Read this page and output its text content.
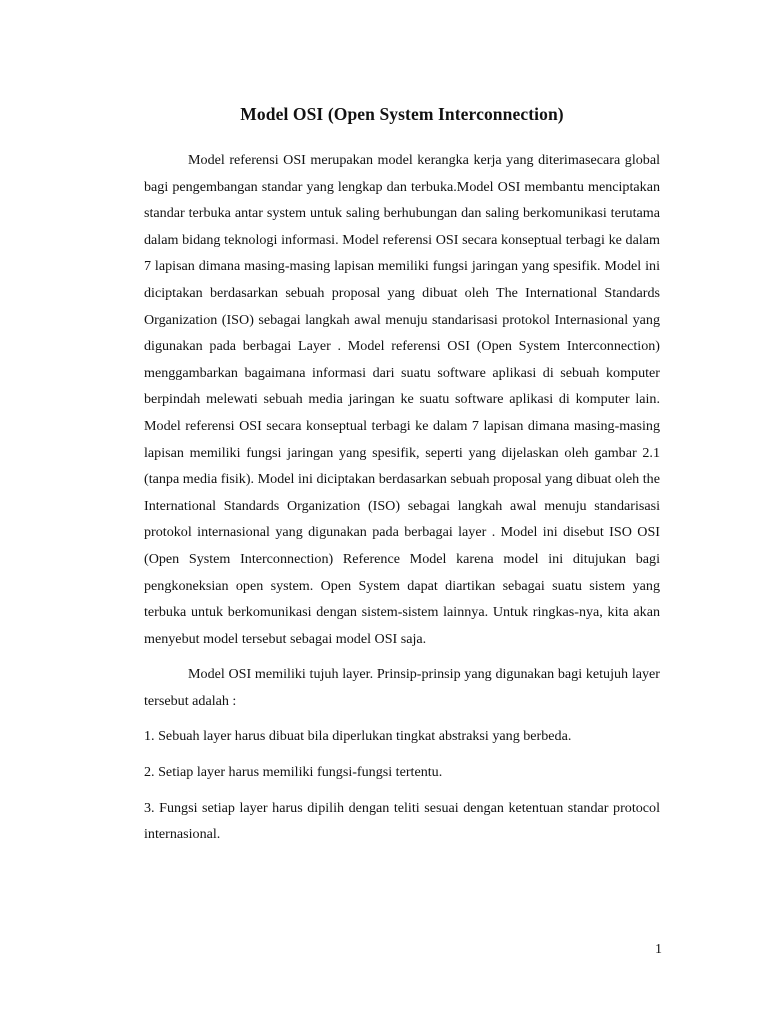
Model OSI (Open System Interconnection)

Model referensi OSI merupakan model kerangka kerja yang diterimasecara global bagi pengembangan standar yang lengkap dan terbuka.Model OSI membantu menciptakan standar terbuka antar system untuk saling berhubungan dan saling berkomunikasi terutama dalam bidang teknologi informasi. Model referensi OSI secara konseptual terbagi ke dalam 7 lapisan dimana masing-masing lapisan memiliki fungsi jaringan yang spesifik. Model ini diciptakan berdasarkan sebuah proposal yang dibuat oleh The International Standards Organization (ISO) sebagai langkah awal menuju standarisasi protokol Internasional yang digunakan pada berbagai Layer . Model referensi OSI (Open System Interconnection) menggambarkan bagaimana informasi dari suatu software aplikasi di sebuah komputer berpindah melewati sebuah media jaringan ke suatu software aplikasi di komputer lain. Model referensi OSI secara konseptual terbagi ke dalam 7 lapisan dimana masing-masing lapisan memiliki fungsi jaringan yang spesifik, seperti yang dijelaskan oleh gambar 2.1 (tanpa media fisik). Model ini diciptakan berdasarkan sebuah proposal yang dibuat oleh the International Standards Organization (ISO) sebagai langkah awal menuju standarisasi protokol internasional yang digunakan pada berbagai layer . Model ini disebut ISO OSI (Open System Interconnection) Reference Model karena model ini ditujukan bagi pengkoneksian open system. Open System dapat diartikan sebagai suatu sistem yang terbuka untuk berkomunikasi dengan sistem-sistem lainnya. Untuk ringkas-nya, kita akan menyebut model tersebut sebagai model OSI saja.

Model OSI memiliki tujuh layer. Prinsip-prinsip yang digunakan bagi ketujuh layer tersebut adalah :

1. Sebuah layer harus dibuat bila diperlukan tingkat abstraksi yang berbeda.

2. Setiap layer harus memiliki fungsi-fungsi tertentu.

3. Fungsi setiap layer harus dipilih dengan teliti sesuai dengan ketentuan standar protocol internasional.

1
